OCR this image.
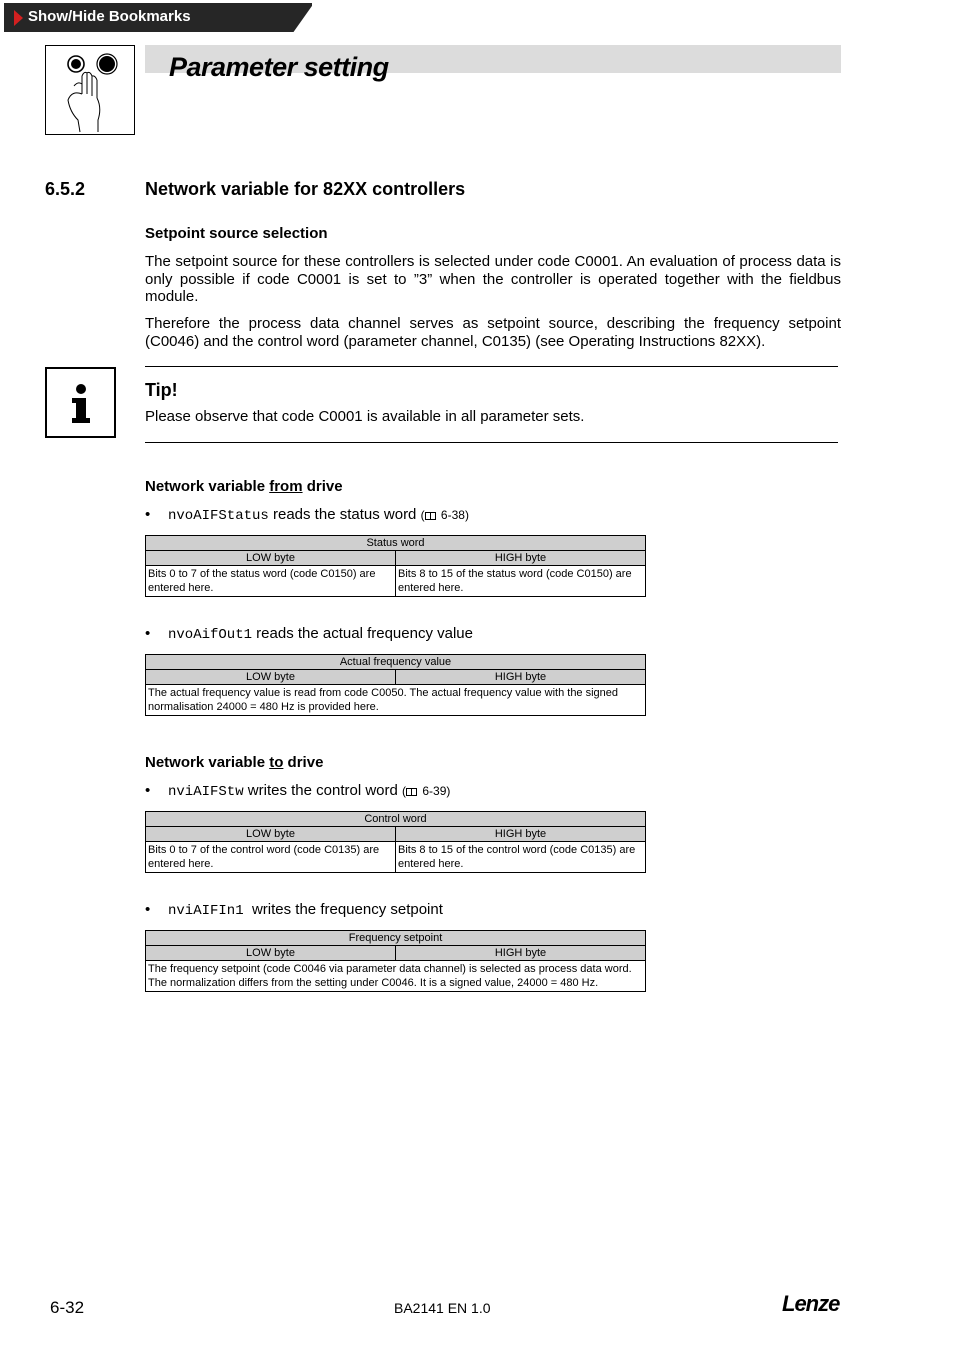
Show/Hide Bookmarks
Parameter setting
6.5.2	Network variable for 82XX controllers
Setpoint source selection
The setpoint source for these controllers is selected under code C0001. An evaluation of process data is only possible if code C0001 is set to ”3” when the controller is operated together with the fieldbus module.
Therefore the process data channel serves as setpoint source, describing the frequency setpoint (C0046) and the control word (parameter channel, C0135) (see Operating Instructions 82XX).
Tip!
Please observe that code C0001 is available in all parameter sets.
Network variable from drive
• nvoAIFStatus reads the status word ( 6-38)
Status word	
LOW byte	HIGH byte
Bits 0 to 7 of the status word (code C0150) are entered here.	Bits 8 to 15 of the status word (code C0150) are entered here.
• nvoAifOut1 reads the actual frequency value
Actual frequency value
LOW byte	HIGH byte
The actual frequency value is read from code C0050. The actual frequency value with the signed normalisation 24000 = 480 Hz is provided here.
Network variable to drive
• nviAIFStw writes the control word ( 6-39)
Control word	
LOW byte	HIGH byte
Bits 0 to 7 of the control word (code C0135) are entered here.	Bits 8 to 15 of the control word (code C0135) are entered here.
• nviAIFIn1  writes the frequency setpoint
Frequency setpoint
LOW byte	HIGH byte
The frequency setpoint (code C0046 via parameter data channel) is selected as process data word. The normalization differs from the setting under C0046. It is a signed value, 24000 = 480 Hz.
6-32	BA2141 EN 1.0	Lenze
